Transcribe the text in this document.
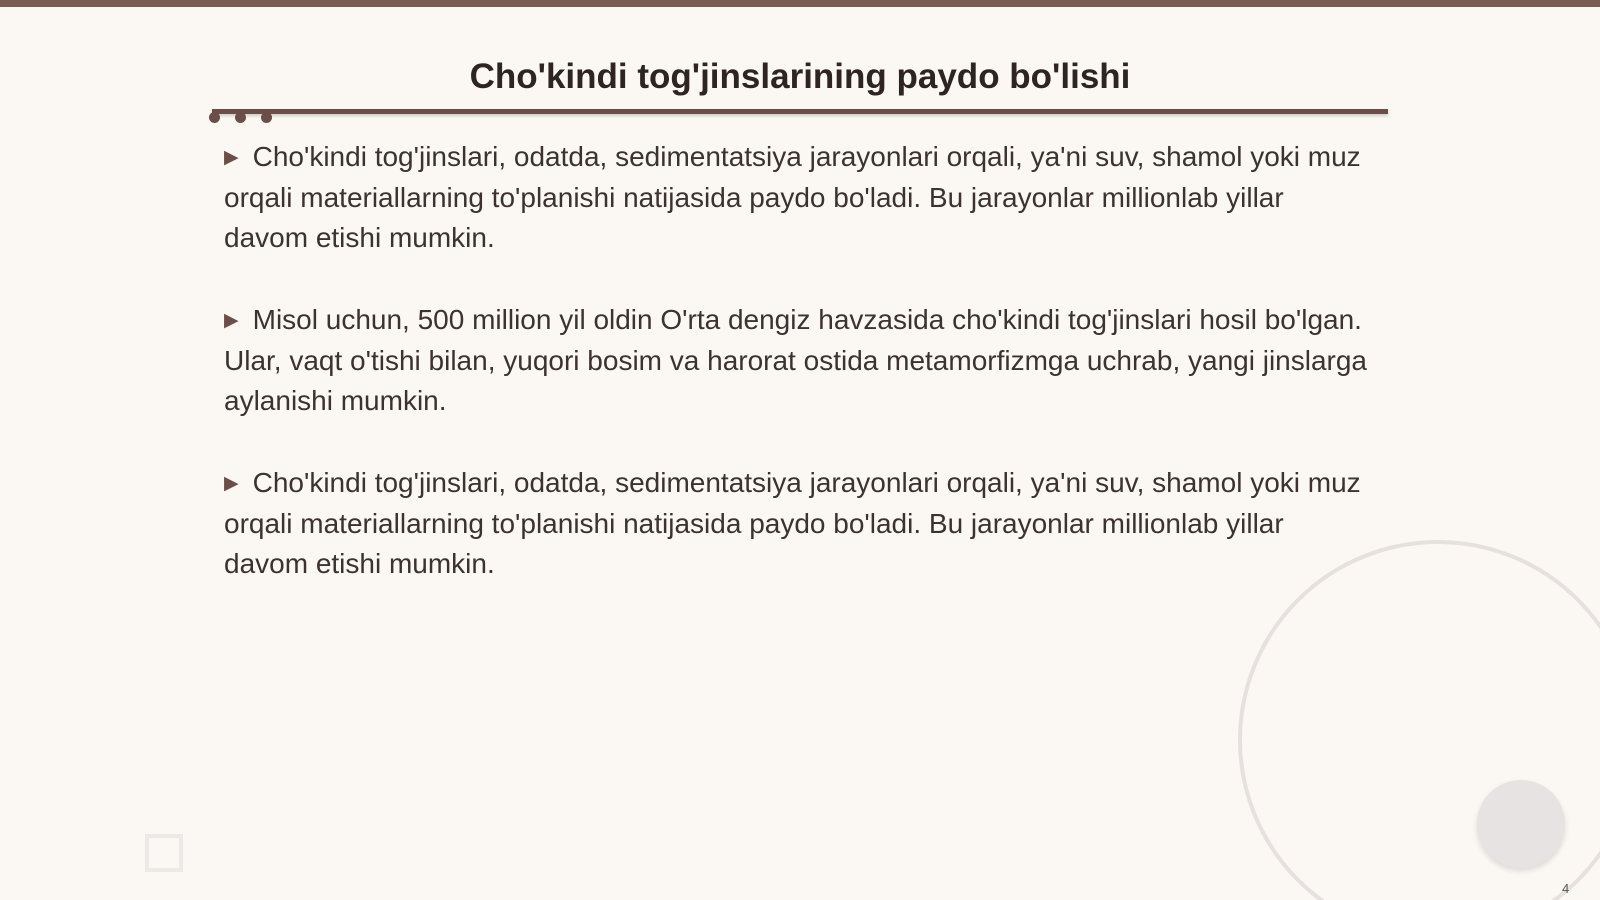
Cho'kindi tog'jinslarining paydo bo'lishi

▶ Cho'kindi tog'jinslari, odatda, sedimentatsiya jarayonlari orqali, ya'ni suv, shamol yoki muz orqali materiallarning to'planishi natijasida paydo bo'ladi. Bu jarayonlar millionlab yillar davom etishi mumkin.

▶ Misol uchun, 500 million yil oldin O'rta dengiz havzasida cho'kindi tog'jinslari hosil bo'lgan. Ular, vaqt o'tishi bilan, yuqori bosim va harorat ostida metamorfizmga uchrab, yangi jinslarga aylanishi mumkin.

▶ Cho'kindi tog'jinslari, odatda, sedimentatsiya jarayonlari orqali, ya'ni suv, shamol yoki muz orqali materiallarning to'planishi natijasida paydo bo'ladi. Bu jarayonlar millionlab yillar davom etishi mumkin.

4
